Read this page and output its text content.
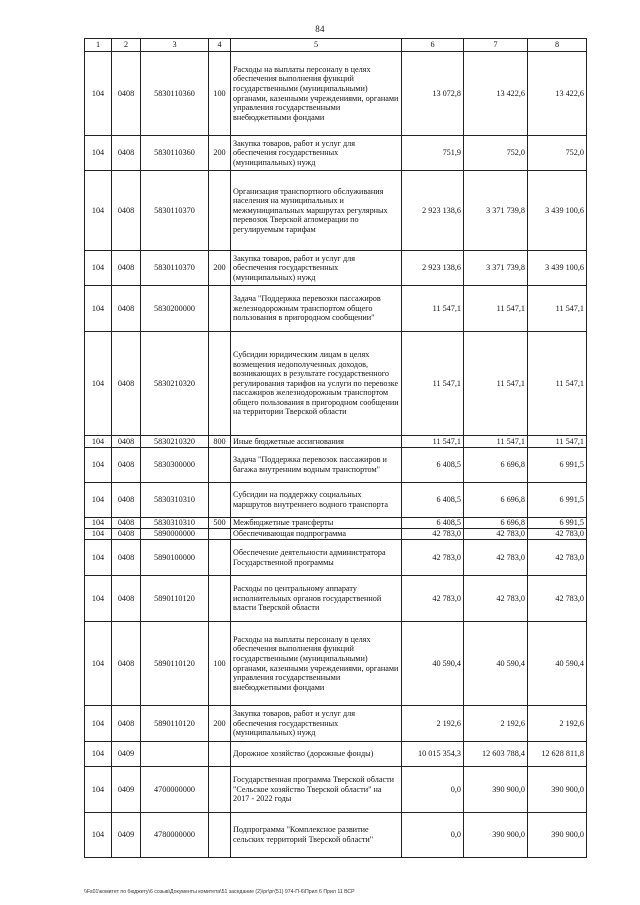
84
1	2	3	4	5	6	7	8
104	0408	5830110360	100	Расходы на выплаты персоналу в целях обеспечения выполнения функций государственными (муниципальными) органами, казенными учреждениями, органами управления государственными внебюджетными фондами	13 072,8	13 422,6	13 422,6
104	0408	5830110360	200	Закупка товаров, работ и услуг для обеспечения государственных (муниципальных) нужд	751,9	752,0	752,0
104	0408	5830110370		Организация транспортного обслуживания населения на муниципальных и межмуниципальных маршрутах регулярных перевозок Тверской агломерации по регулируемым тарифам	2 923 138,6	3 371 739,8	3 439 100,6
104	0408	5830110370	200	Закупка товаров, работ и услуг для обеспечения государственных (муниципальных) нужд	2 923 138,6	3 371 739,8	3 439 100,6
104	0408	5830200000		Задача "Поддержка перевозки пассажиров железнодорожным транспортом общего пользования в пригородном сообщении"	11 547,1	11 547,1	11 547,1
104	0408	5830210320		Субсидии юридическим лицам в целях возмещения недополученных доходов, возникающих в результате государственного регулирования тарифов на услуги по перевозке пассажиров железнодорожным транспортом общего пользования в пригородном сообщении на территории Тверской области	11 547,1	11 547,1	11 547,1
104	0408	5830210320	800	Иные бюджетные ассигнования	11 547,1	11 547,1	11 547,1
104	0408	5830300000		Задача "Поддержка перевозок пассажиров и багажа внутренним водным транспортом"	6 408,5	6 696,8	6 991,5
104	0408	5830310310		Субсидии на поддержку социальных маршрутов внутреннего водного транспорта	6 408,5	6 696,8	6 991,5
104	0408	5830310310	500	Межбюджетные трансферты	6 408,5	6 696,8	6 991,5
104	0408	5890000000		Обеспечивающая подпрограмма	42 783,0	42 783,0	42 783,0
104	0408	5890100000		Обеспечение деятельности администратора Государственной программы	42 783,0	42 783,0	42 783,0
104	0408	5890110120		Расходы по центральному аппарату исполнительных органов государственной власти Тверской области	42 783,0	42 783,0	42 783,0
104	0408	5890110120	100	Расходы на выплаты персоналу в целях обеспечения выполнения функций государственными (муниципальными) органами, казенными учреждениями, органами управления государственными внебюджетными фондами	40 590,4	40 590,4	40 590,4
104	0408	5890110120	200	Закупка товаров, работ и услуг для обеспечения государственных (муниципальных) нужд	2 192,6	2 192,6	2 192,6
104	0409			Дорожное хозяйство (дорожные фонды)	10 015 354,3	12 603 788,4	12 628 811,8
104	0409	4700000000		Государственная программа Тверской области "Сельское хозяйство Тверской области" на 2017 - 2022 годы	0,0	390 900,0	390 900,0
104	0409	4780000000		Подпрограмма "Комплексное развитие сельских территорий Тверской области"	0,0	390 900,0	390 900,0
\\Fs01\комитет по бюджету\6 созыв\Документы комитета\51 заседание (2)\рг\рг(51) 974-П-6\Прил 6 Прил 11 ВСР
